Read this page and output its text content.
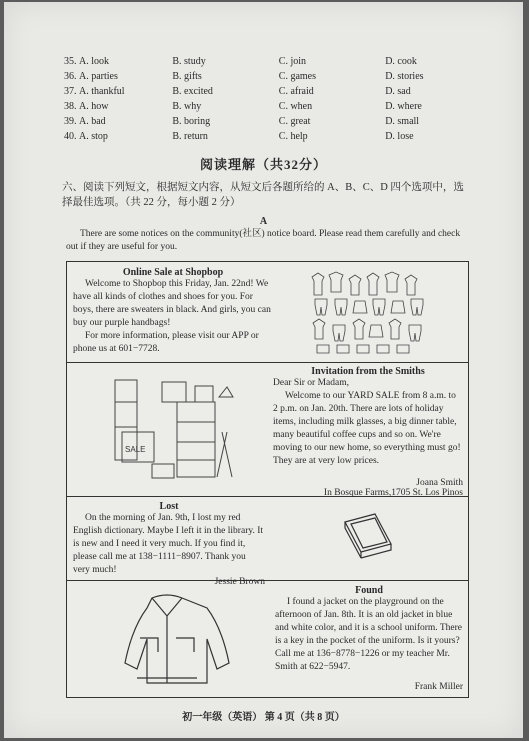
35. A. look	B. study	C. join	D. cook
36. A. parties	B. gifts	C. games	D. stories
37. A. thankful	B. excited	C. afraid	D. sad
38. A. how	B. why	C. when	D. where
39. A. bad	B. boring	C. great	D. small
40. A. stop	B. return	C. help	D. lose
阅读理解（共32分）
六、阅读下列短文，根据短文内容，从短文后各题所给的 A、B、C、D 四个选项中，选择最佳选项。（共 22 分，每小题 2 分）
A
There are some notices on the community(社区) notice board. Please read them carefully and check out if they are useful for you.
Online Sale at Shopbop
Welcome to Shopbop this Friday, Jan. 22nd! We have all kinds of clothes and shoes for you. For boys, there are sweaters in black. And girls, you can buy our purple handbags!
For more information, please visit our APP or phone us at 601−7728.
SALE
Invitation from the Smiths
Dear Sir or Madam,
Welcome to our YARD SALE from 8 a.m. to 2 p.m. on Jan. 20th. There are lots of holiday items, including milk glasses, a big dinner table, many beautiful coffee cups and so on. We're moving to our new home, so everything must go! They are at very low prices.
Joana Smith
In Bosque Farms,1705 St. Los Pinos
Lost
On the morning of Jan. 9th, I lost my red English dictionary. Maybe I left it in the library. It is new and I need it very much. If you find it, please call me at 138−1111−8907. Thank you very much!
Jessie Brown
Found
I found a jacket on the playground on the afternoon of Jan. 8th. It is an old jacket in blue and white color, and it is a school uniform. There is a key in the pocket of the uniform. Is it yours? Call me at 136−8778−1226 or my teacher Mr. Smith at 622−5947.
Frank Miller
初一年级（英语） 第 4 页（共 8 页）
